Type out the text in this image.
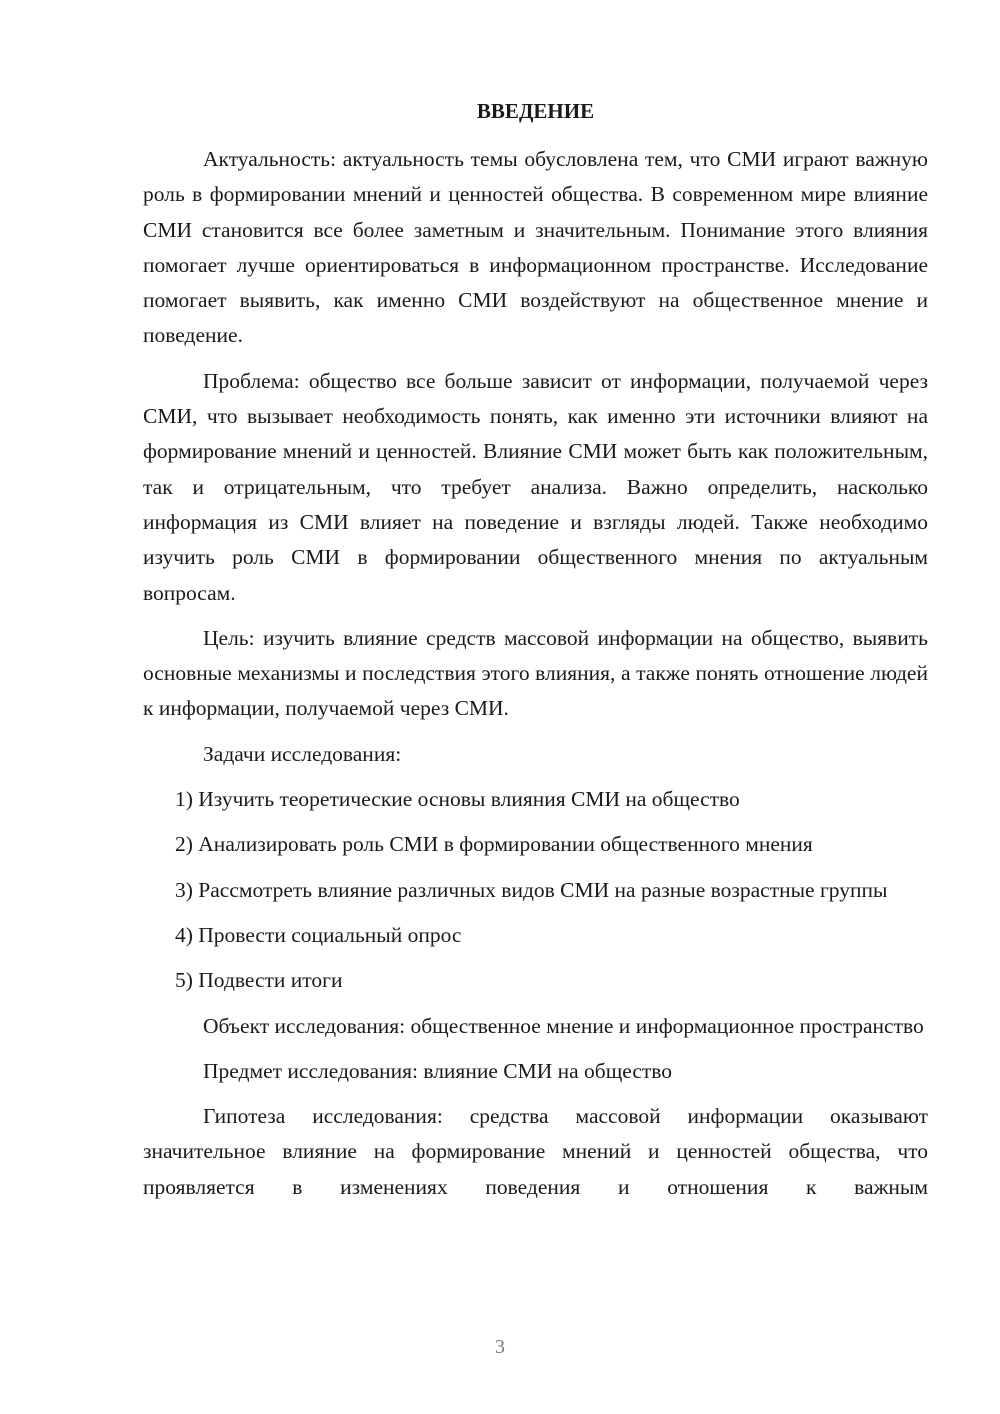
ВВЕДЕНИЕ

Актуальность: актуальность темы обусловлена тем, что СМИ играют важную роль в формировании мнений и ценностей общества. В современном мире влияние СМИ становится все более заметным и значительным. Понимание этого влияния помогает лучше ориентироваться в информационном пространстве. Исследование помогает выявить, как именно СМИ воздействуют на общественное мнение и поведение.

Проблема: общество все больше зависит от информации, получаемой через СМИ, что вызывает необходимость понять, как именно эти источники влияют на формирование мнений и ценностей. Влияние СМИ может быть как положительным, так и отрицательным, что требует анализа. Важно определить, насколько информация из СМИ влияет на поведение и взгляды людей. Также необходимо изучить роль СМИ в формировании общественного мнения по актуальным вопросам.

Цель: изучить влияние средств массовой информации на общество, выявить основные механизмы и последствия этого влияния, а также понять отношение людей к информации, получаемой через СМИ.

Задачи исследования:

1) Изучить теоретические основы влияния СМИ на общество

2) Анализировать роль СМИ в формировании общественного мнения

3) Рассмотреть влияние различных видов СМИ на разные возрастные группы

4) Провести социальный опрос

5) Подвести итоги

Объект исследования: общественное мнение и информационное пространство

Предмет исследования: влияние СМИ на общество

Гипотеза исследования: средства массовой информации оказывают значительное влияние на формирование мнений и ценностей общества, что проявляется в изменениях поведения и отношения к важным

3
